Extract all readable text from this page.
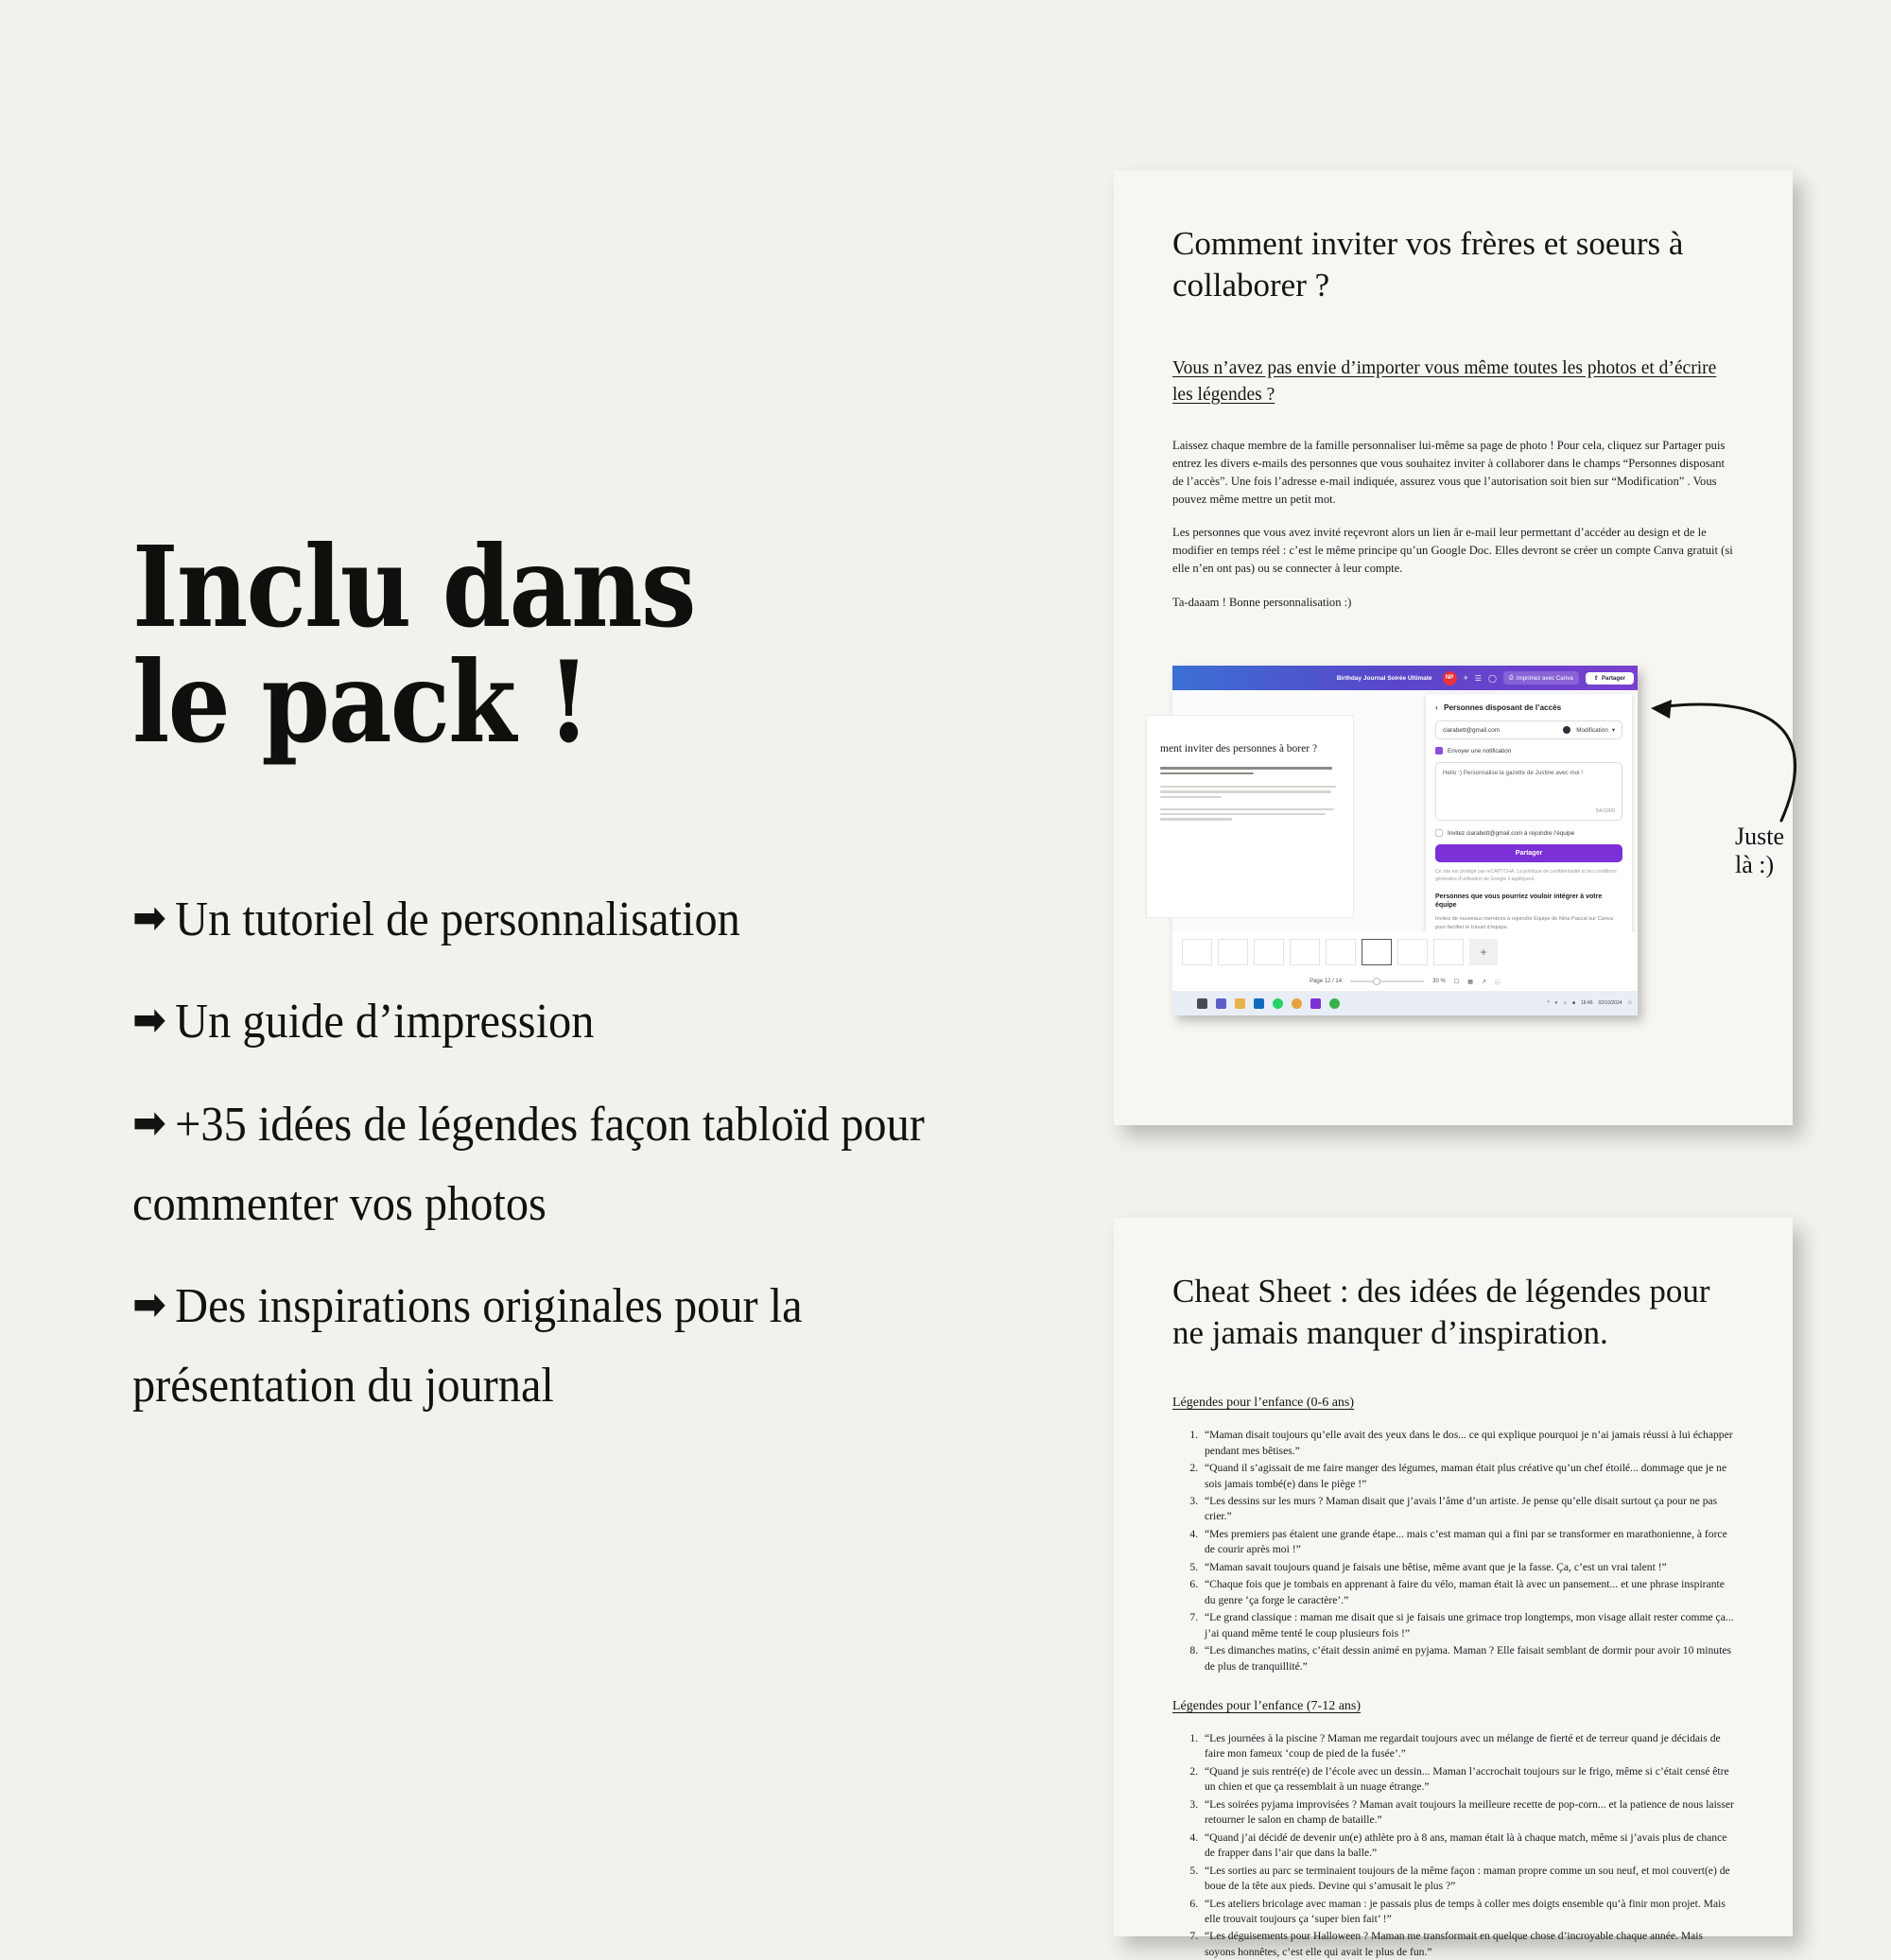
Inclu dans
le pack !
➡ Un tutoriel de personnalisation
➡ Un guide d’impression
➡ +35 idées de légendes façon tabloïd pour commenter vos photos
➡ Des inspirations originales pour la présentation du journal
Comment inviter vos frères et soeurs à collaborer ?
Vous n’avez pas envie d’importer vous même toutes les photos et d’écrire les légendes ?
Laissez chaque membre de la famille personnaliser lui-même sa page de photo ! Pour cela, cliquez sur Partager puis entrez les divers e-mails des personnes que vous souhaitez inviter à collaborer dans le champs “Personnes disposant de l’accès”. Une fois l’adresse e-mail indiquée, assurez vous que l’autorisation soit bien sur “Modification” . Vous pouvez même mettre un petit mot.
Les personnes que vous avez invité reçevront alors un lien âr e-mail leur permettant d’accéder au design et de le modifier en temps réel : c’est le même principe qu’un Google Doc. Elles devront se créer un compte Canva gratuit (si elle n’en ont pas) ou se connecter à leur compte.
Ta-daaam ! Bonne personnalisation :)
Birthday Journal Soirée Ultimate	NP	+ ☰ ◯ ⎙ Imprimez avec Canva	⇧ Partager
ment inviter des personnes à borer ?
‹ Personnes disposant de l’accès
ciarabett@gmail.com	Modification ▾
Envoyer une notification
Hello :) Personnalise la gazette de Justine avec moi !
54/1000
Invitez ciarabett@gmail.com à rejoindre l’équipe
Partager
Ce site est protégé par reCAPTCHA. La politique de confidentialité et les conditions générales d’utilisation de Google s’appliquent.
Personnes que vous pourriez vouloir intégrer à votre équipe
Invitez de nouveaux membres à rejoindre Équipe de Nina Pascal sur Canva pour faciliter le travail d’équipe.
+
Page 12 / 14	30 % ☐ ▦ ↗ ⓘ
^ ▾ ♫ ■ 16:46 02/10/2024 ☉
Juste là :)
Cheat Sheet : des idées de légendes pour ne jamais manquer d’inspiration.
Légendes pour l’enfance (0-6 ans)
1. “Maman disait toujours qu’elle avait des yeux dans le dos... ce qui explique pourquoi je n’ai jamais réussi à lui échapper pendant mes bêtises.”
2. “Quand il s’agissait de me faire manger des légumes, maman était plus créative qu’un chef étoilé... dommage que je ne sois jamais tombé(e) dans le piège !”
3. “Les dessins sur les murs ? Maman disait que j’avais l’âme d’un artiste. Je pense qu’elle disait surtout ça pour ne pas crier.”
4. “Mes premiers pas étaient une grande étape... mais c’est maman qui a fini par se transformer en marathonienne, à force de courir après moi !”
5. “Maman savait toujours quand je faisais une bêtise, même avant que je la fasse. Ça, c’est un vrai talent !”
6. “Chaque fois que je tombais en apprenant à faire du vélo, maman était là avec un pansement... et une phrase inspirante du genre ‘ça forge le caractère’.”
7. “Le grand classique : maman me disait que si je faisais une grimace trop longtemps, mon visage allait rester comme ça... j’ai quand même tenté le coup plusieurs fois !”
8. “Les dimanches matins, c’était dessin animé en pyjama. Maman ? Elle faisait semblant de dormir pour avoir 10 minutes de plus de tranquillité.”
Légendes pour l’enfance (7-12 ans)
1. “Les journées à la piscine ? Maman me regardait toujours avec un mélange de fierté et de terreur quand je décidais de faire mon fameux ‘coup de pied de la fusée’.”
2. “Quand je suis rentré(e) de l’école avec un dessin... Maman l’accrochait toujours sur le frigo, même si c’était censé être un chien et que ça ressemblait à un nuage étrange.”
3. “Les soirées pyjama improvisées ? Maman avait toujours la meilleure recette de pop-corn... et la patience de nous laisser retourner le salon en champ de bataille.”
4. “Quand j’ai décidé de devenir un(e) athlète pro à 8 ans, maman était là à chaque match, même si j’avais plus de chance de frapper dans l’air que dans la balle.”
5. “Les sorties au parc se terminaient toujours de la même façon : maman propre comme un sou neuf, et moi couvert(e) de boue de la tête aux pieds. Devine qui s’amusait le plus ?”
6. “Les ateliers bricolage avec maman : je passais plus de temps à coller mes doigts ensemble qu’à finir mon projet. Mais elle trouvait toujours ça ‘super bien fait’ !”
7. “Les déguisements pour Halloween ? Maman me transformait en quelque chose d’incroyable chaque année. Mais soyons honnêtes, c’est elle qui avait le plus de fun.”
